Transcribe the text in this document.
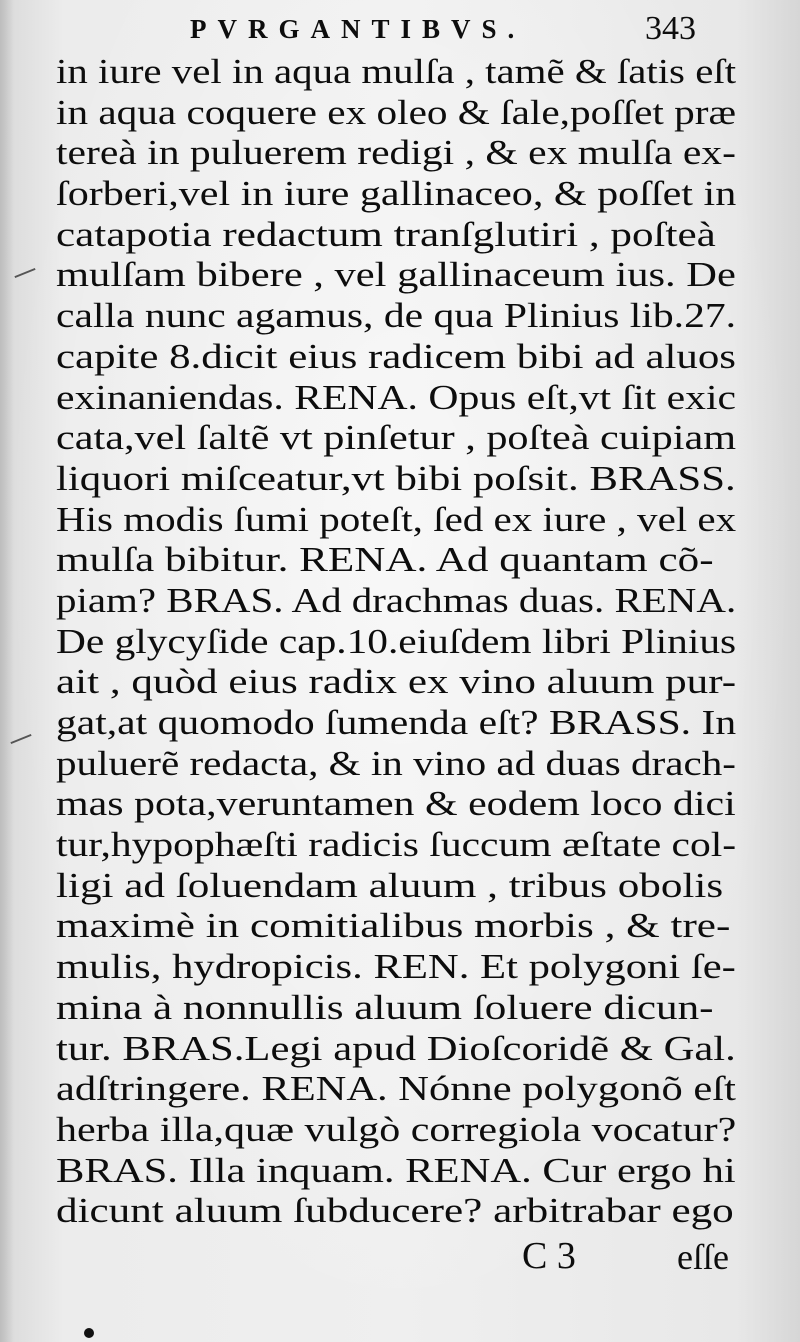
PVRGANTIBVS.	343
in iure vel in aqua mulſa , tamẽ & ſatis eſt
in aqua coquere ex oleo & ſale,poſſet præ
tereà in puluerem redigi , & ex mulſa ex-
ſorberi,vel in iure gallinaceo, & poſſet in
catapotia redactum tranſglutiri , poſteà
mulſam bibere , vel gallinaceum ius. De
calla nunc agamus, de qua Plinius lib.27.
capite 8.dicit eius radicem bibi ad aluos
exinaniendas. RENA. Opus eſt,vt ſit exic
cata,vel ſaltẽ vt pinſetur , poſteà cuipiam
liquori miſceatur,vt bibi poſsit. BRASS.
His modis ſumi poteſt, ſed ex iure , vel ex
mulſa bibitur. RENA. Ad quantam cõ-
piam? BRAS. Ad drachmas duas. RENA.
De glycyſide cap.10.eiuſdem libri Plinius
ait , quòd eius radix ex vino aluum pur-
gat,at quomodo ſumenda eſt? BRASS. In
puluerẽ redacta, & in vino ad duas drach-
mas pota,veruntamen & eodem loco dici
tur,hypophæſti radicis ſuccum æſtate col-
ligi ad ſoluendam aluum , tribus obolis
maximè in comitialibus morbis , & tre-
mulis, hydropicis. REN. Et polygoni ſe-
mina à nonnullis aluum ſoluere dicun-
tur. BRAS.Legi apud Dioſcoridẽ & Gal.
adſtringere. RENA. Nónne polygonõ eſt
herba illa,quæ vulgò corregiola vocatur?
BRAS. Illa inquam. RENA. Cur ergo hi
dicunt aluum ſubducere? arbitrabar ego
C 3	eſſe
